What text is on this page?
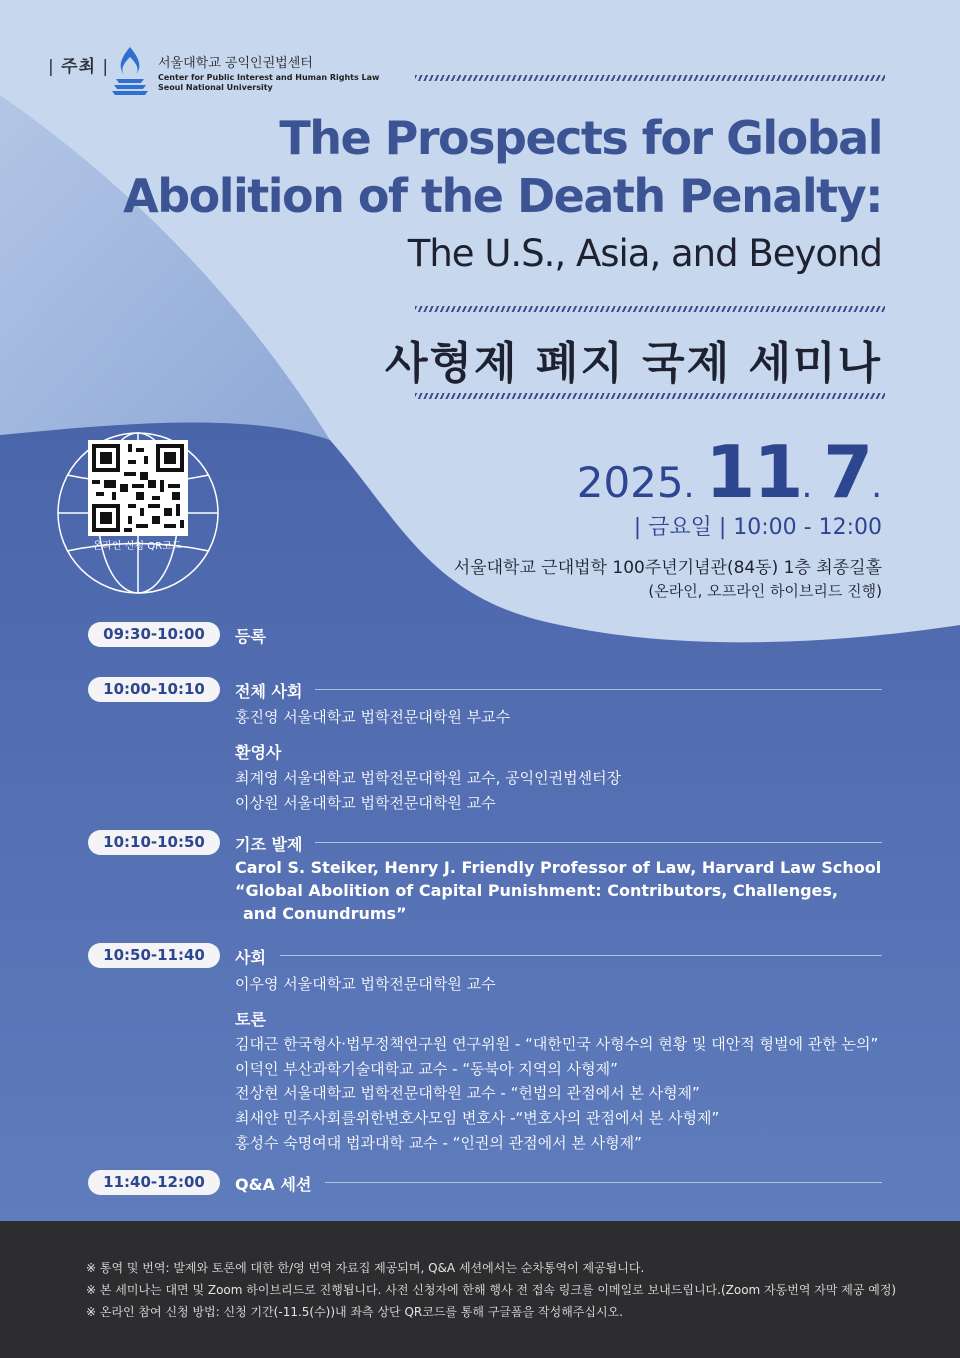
| 주최 |	서울대학교 공익인권법센터
Center for Public Interest and Human Rights Law
Seoul National University
The Prospects for Global
Abolition of the Death Penalty:
The U.S., Asia, and Beyond
사형제 폐지 국제 세미나
2025. 11. 7.
| 금요일 | 10:00 - 12:00
서울대학교 근대법학 100주년기념관(84동) 1층 최종길홀
(온라인, 오프라인 하이브리드 진행)
온라인 신청 QR코드
09:30-10:00	등록
10:00-10:10	전체 사회
홍진영 서울대학교 법학전문대학원 부교수
환영사
최계영 서울대학교 법학전문대학원 교수, 공익인권법센터장
이상원 서울대학교 법학전문대학원 교수
10:10-10:50	기조 발제
Carol S. Steiker, Henry J. Friendly Professor of Law, Harvard Law School
“Global Abolition of Capital Punishment: Contributors, Challenges,
and Conundrums”
10:50-11:40	사회
이우영 서울대학교 법학전문대학원 교수
토론
김대근 한국형사·법무정책연구원 연구위원 - “대한민국 사형수의 현황 및 대안적 형벌에 관한 논의”
이덕인 부산과학기술대학교 교수 - “동북아 지역의 사형제”
전상현 서울대학교 법학전문대학원 교수 - “헌법의 관점에서 본 사형제”
최새얀 민주사회를위한변호사모임 변호사 -“변호사의 관점에서 본 사형제”
홍성수 숙명여대 법과대학 교수 - “인권의 관점에서 본 사형제”
11:40-12:00	Q&A 세션
※ 통역 및 번역: 발제와 토론에 대한 한/영 번역 자료집 제공되며, Q&A 세션에서는 순차통역이 제공됩니다.
※ 본 세미나는 대면 및 Zoom 하이브리드로 진행됩니다. 사전 신청자에 한해 행사 전 접속 링크를 이메일로 보내드립니다.(Zoom 자동번역 자막 제공 예정)
※ 온라인 참여 신청 방법: 신청 기간(-11.5(수))내 좌측 상단 QR코드를 통해 구글폼을 작성해주십시오.
